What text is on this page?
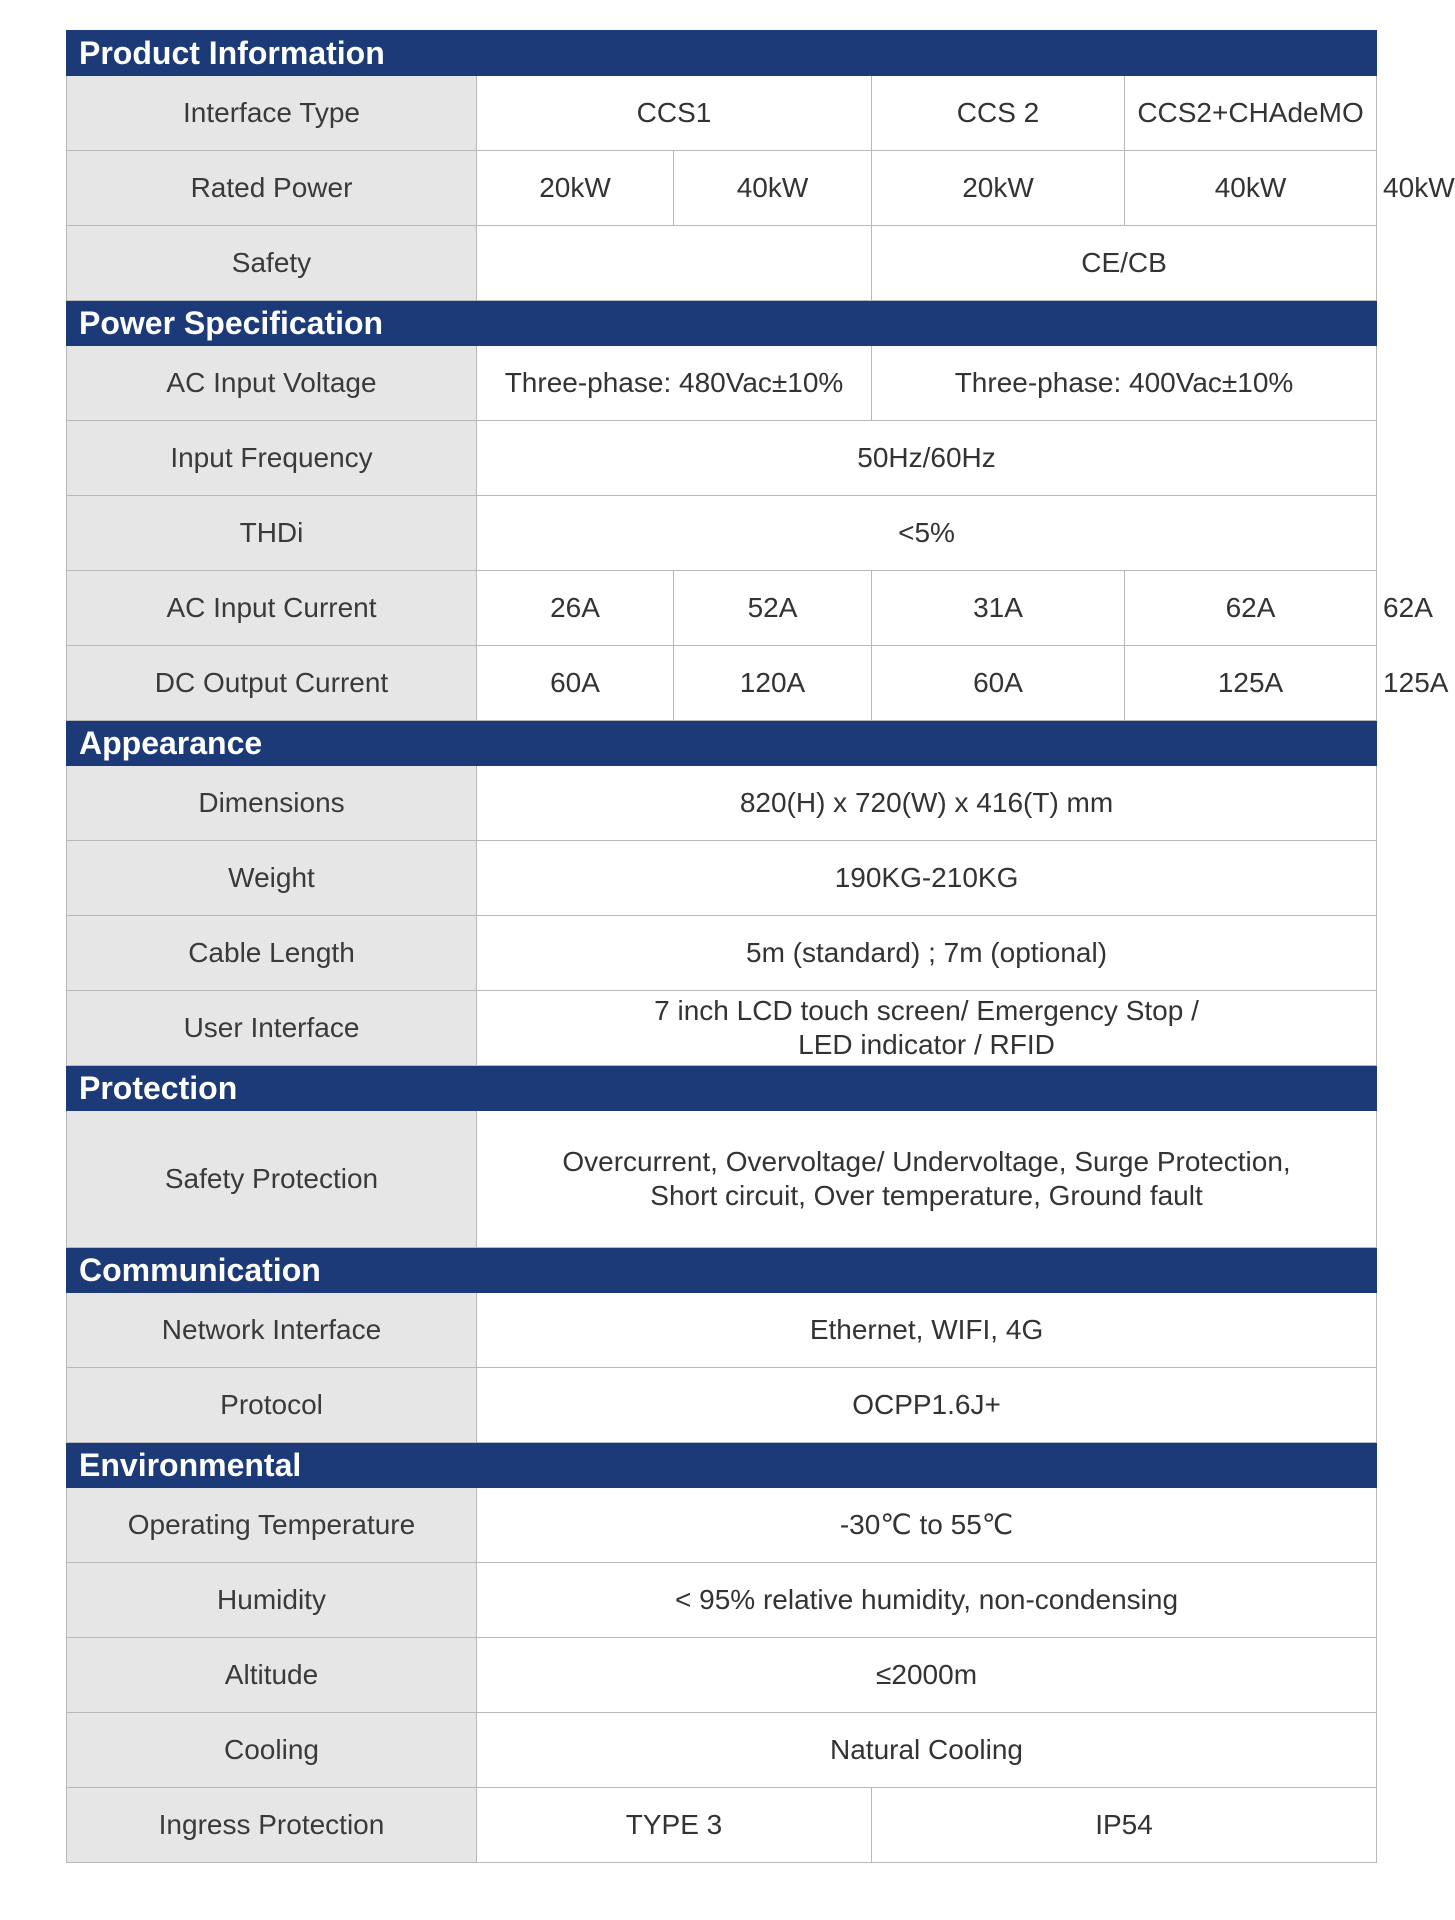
Product Information					
Interface Type	CCS1		CCS 2	CCS2+CHAdeMO	
Rated Power	20kW	40kW	20kW	40kW	40kW
Safety			CE/CB		
Power Specification					
AC Input Voltage	Three-phase: 480Vac±10%		Three-phase: 400Vac±10%		
Input Frequency	50Hz/60Hz				
THDi	<5%				
AC Input Current	26A	52A	31A	62A	62A
DC Output Current	60A	120A	60A	125A	125A
Appearance					
Dimensions	820(H) x 720(W) x 416(T) mm				
Weight	190KG-210KG				
Cable Length	5m (standard) ; 7m (optional)				
User Interface	7 inch LCD touch screen/ Emergency Stop /
LED indicator / RFID				

Protection					
Safety Protection	Overcurrent, Overvoltage/ Undervoltage, Surge Protection,
Short circuit, Over temperature, Ground fault				

Communication					
Network Interface	Ethernet, WIFI, 4G				
Protocol	OCPP1.6J+				
Environmental					
Operating Temperature	-30℃ to 55℃				
Humidity	< 95% relative humidity, non-condensing				
Altitude	≤2000m				
Cooling	Natural Cooling				
Ingress Protection	TYPE 3		IP54		
